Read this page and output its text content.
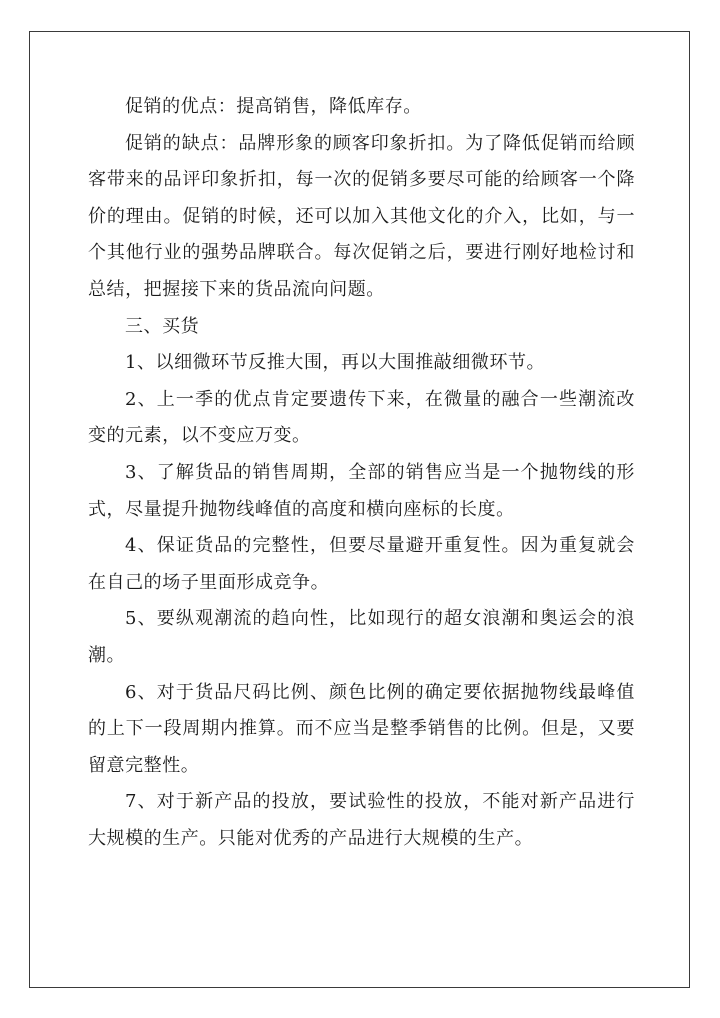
促销的优点：提高销售，降低库存。

促销的缺点：品牌形象的顾客印象折扣。为了降低促销而给顾客带来的品评印象折扣，每一次的促销多要尽可能的给顾客一个降价的理由。促销的时候，还可以加入其他文化的介入，比如，与一个其他行业的强势品牌联合。每次促销之后，要进行刚好地检讨和总结，把握接下来的货品流向问题。

三、买货

1、以细微环节反推大围，再以大围推敲细微环节。

2、上一季的优点肯定要遗传下来，在微量的融合一些潮流改变的元素，以不变应万变。

3、了解货品的销售周期，全部的销售应当是一个抛物线的形式，尽量提升抛物线峰值的高度和横向座标的长度。

4、保证货品的完整性，但要尽量避开重复性。因为重复就会在自己的场子里面形成竞争。

5、要纵观潮流的趋向性，比如现行的超女浪潮和奥运会的浪潮。

6、对于货品尺码比例、颜色比例的确定要依据抛物线最峰值的上下一段周期内推算。而不应当是整季销售的比例。但是，又要留意完整性。

7、对于新产品的投放，要试验性的投放，不能对新产品进行大规模的生产。只能对优秀的产品进行大规模的生产。
